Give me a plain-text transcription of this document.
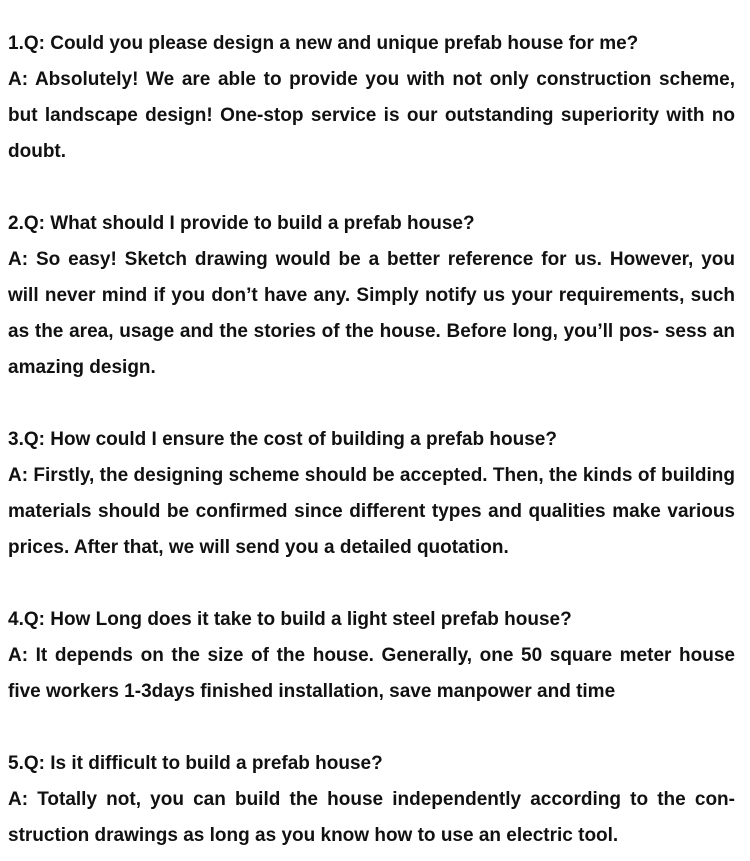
1.Q: Could you please design a new and unique prefab house for me?

A: Absolutely! We are able to provide you with not only construction scheme, but landscape design! One-stop service is our outstanding superiority with no doubt.

2.Q: What should I provide to build a prefab house?

A: So easy! Sketch drawing would be a better reference for us. However, you will never mind if you don’t have any. Simply notify us your requirements, such as the area, usage and the stories of the house. Before long, you’ll pos- sess an amazing design.

3.Q: How could I ensure the cost of building a prefab house?

A: Firstly, the designing scheme should be accepted. Then, the kinds of building materials should be confirmed since different types and qualities make various prices. After that, we will send you a detailed quotation.

4.Q: How Long does it take to build a light steel prefab house?

A: It depends on the size of the house. Generally, one 50 square meter house five workers 1-3days finished installation, save manpower and time

5.Q: Is it difficult to build a prefab house?

A: Totally not, you can build the house independently according to the con- struction drawings as long as you know how to use an electric tool.
